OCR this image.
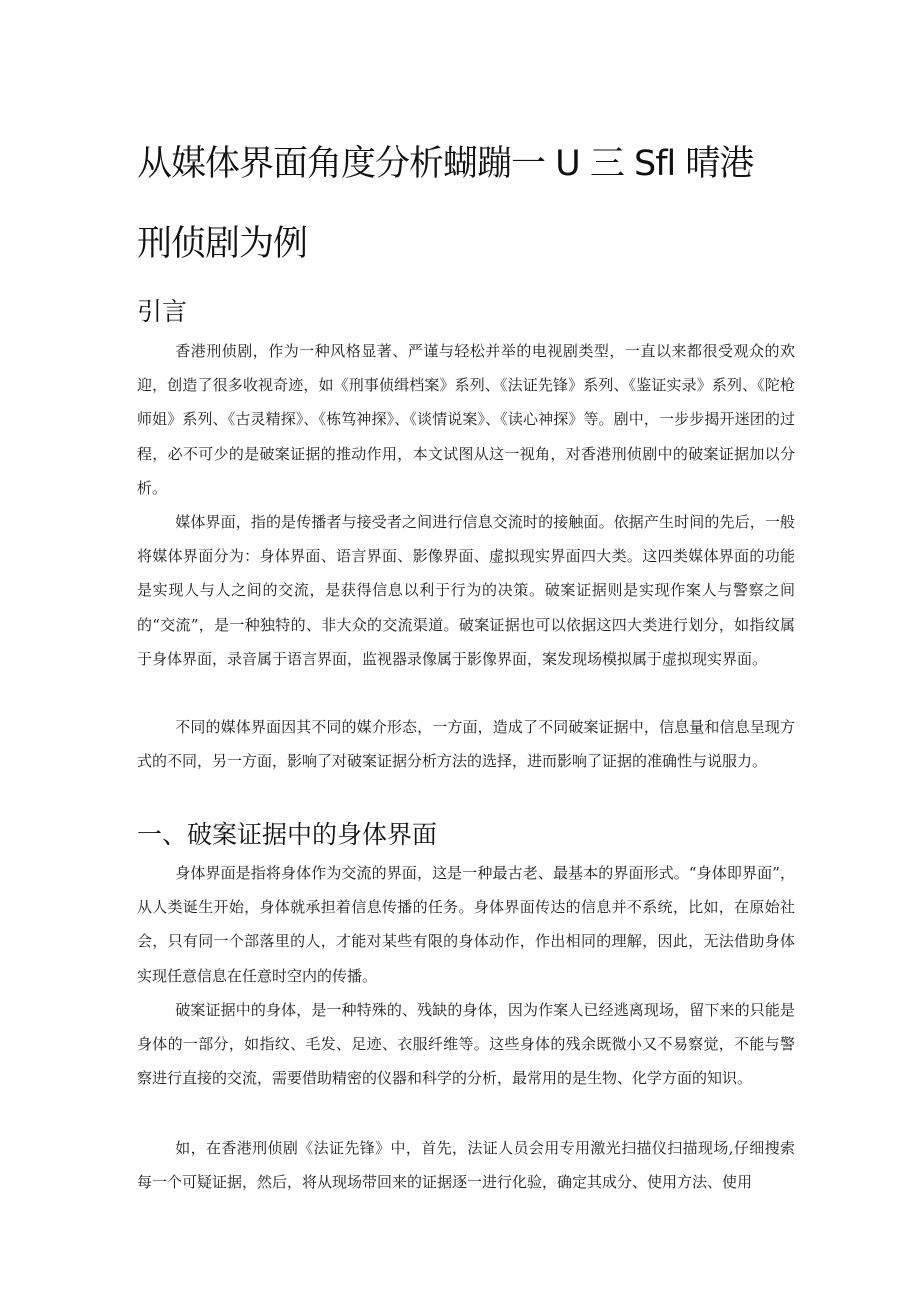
从媒体界面角度分析蝴蹦一 U 三 Sfl 晴港
刑侦剧为例
引言

香港刑侦剧，作为一种风格显著、严谨与轻松并举的电视剧类型，一直以来都很受观众的欢迎，创造了很多收视奇迹，如《刑事侦缉档案》系列、《法证先锋》系列、《鉴证实录》系列、《陀枪师姐》系列、《古灵精探》、《栋笃神探》、《谈情说案》、《读心神探》等。剧中，一步步揭开迷团的过程，必不可少的是破案证据的推动作用，本文试图从这一视角，对香港刑侦剧中的破案证据加以分析。

媒体界面，指的是传播者与接受者之间进行信息交流时的接触面。依据产生时间的先后，一般将媒体界面分为：身体界面、语言界面、影像界面、虚拟现实界面四大类。这四类媒体界面的功能是实现人与人之间的交流，是获得信息以利于行为的决策。破案证据则是实现作案人与警察之间的“交流”，是一种独特的、非大众的交流渠道。破案证据也可以依据这四大类进行划分，如指纹属于身体界面，录音属于语言界面，监视器录像属于影像界面，案发现场模拟属于虚拟现实界面。

不同的媒体界面因其不同的媒介形态，一方面，造成了不同破案证据中，信息量和信息呈现方式的不同，另一方面，影响了对破案证据分析方法的选择，进而影响了证据的准确性与说服力。

一、破案证据中的身体界面

身体界面是指将身体作为交流的界面，这是一种最古老、最基本的界面形式。“身体即界面”，从人类诞生开始，身体就承担着信息传播的任务。身体界面传达的信息并不系统，比如，在原始社会，只有同一个部落里的人，才能对某些有限的身体动作，作出相同的理解，因此，无法借助身体实现任意信息在任意时空内的传播。

破案证据中的身体，是一种特殊的、残缺的身体，因为作案人已经逃离现场，留下来的只能是身体的一部分，如指纹、毛发、足迹、衣服纤维等。这些身体的残余既微小又不易察觉，不能与警察进行直接的交流，需要借助精密的仪器和科学的分析，最常用的是生物、化学方面的知识。

如，在香港刑侦剧《法证先锋》中，首先，法证人员会用专用激光扫描仪扫描现场,仔细搜索每一个可疑证据，然后，将从现场带回来的证据逐一进行化验，确定其成分、使用方法、使用
